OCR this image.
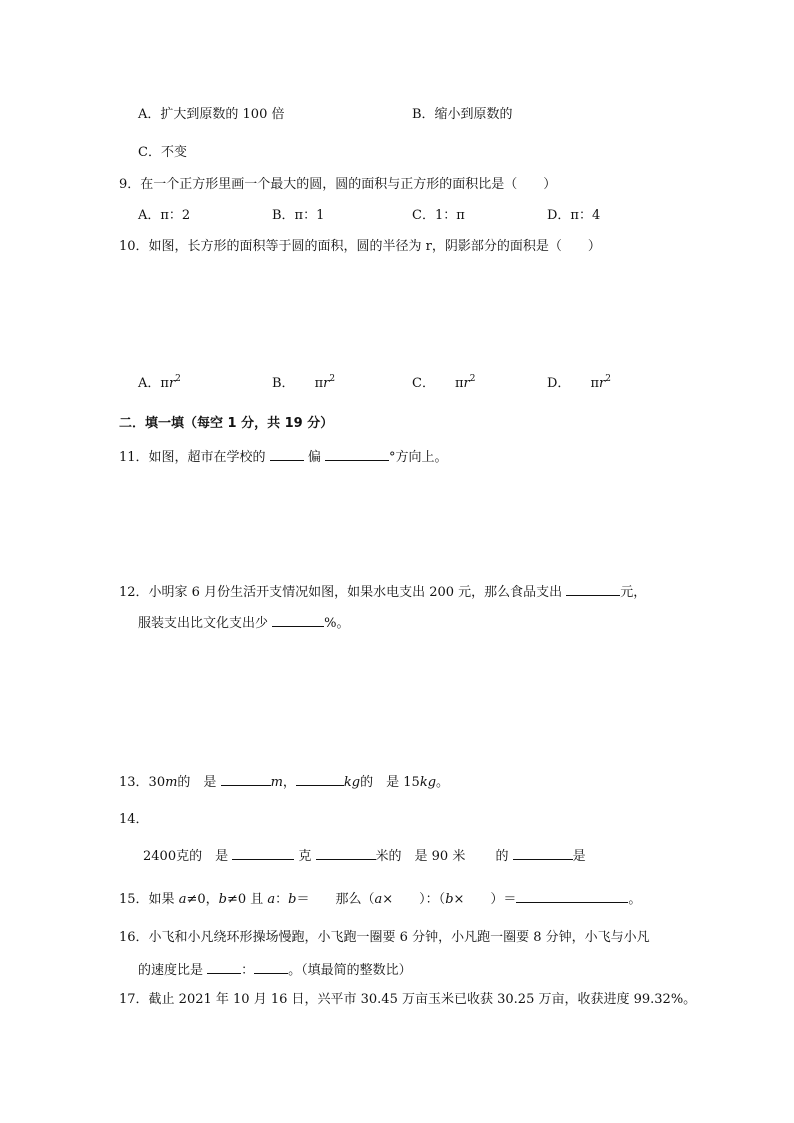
A．扩大到原数的 100 倍	B．缩小到原数的
C．不变
9．在一个正方形里画一个最大的圆，圆的面积与正方形的面积比是（　　）
A．π：2	B．π：1	C．1：π	D．π：4
10．如图，长方形的面积等于圆的面积，圆的半径为 r，阴影部分的面积是（　　）
A．$\pi r^2$	B． $\pi r^2$	C． $\pi r^2$	D． $\pi r^2$
二．填一填（每空 1 分，共 19 分）
11．如图，超市在学校的	偏	°方向上。
12．小明家 6 月份生活开支情况如图，如果水电支出 200 元，那么食品支出	元，
服装支出比文化支出少	%。
13．30m的　是	m，	kg的　是 15kg。
14．
2400克的　是	克	米的　是 90 米 的	是
15．如果 a≠0，b≠0 且 a：b＝　　那么（a×　　）：（b×　　）＝	。
16．小飞和小凡绕环形操场慢跑，小飞跑一圈要 6 分钟，小凡跑一圈要 8 分钟，小飞与小凡
的速度比是	：	。（填最简的整数比）
17．截止 2021 年 10 月 16 日，兴平市 30.45 万亩玉米已收获 30.25 万亩，收获进度 99.32%。
